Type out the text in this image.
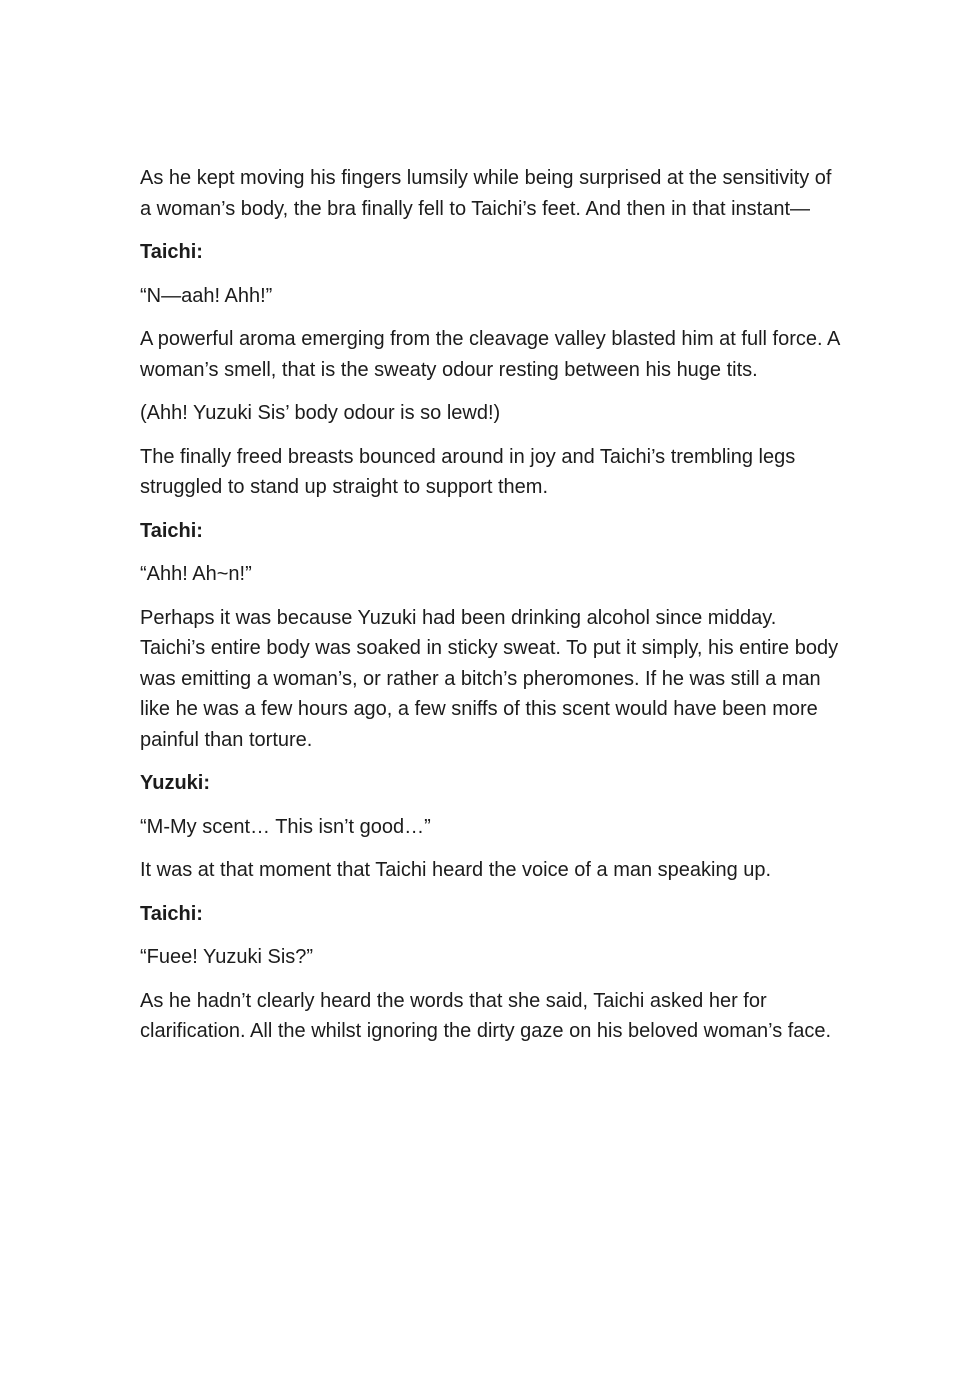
As he kept moving his fingers lumsily while being surprised at the sensitivity of a woman’s body, the bra finally fell to Taichi’s feet. And then in that instant—

Taichi:

“N—aah! Ahh!”

A powerful aroma emerging from the cleavage valley blasted him at full force. A woman’s smell, that is the sweaty odour resting between his huge tits.

(Ahh! Yuzuki Sis’ body odour is so lewd!)

The finally freed breasts bounced around in joy and Taichi’s trembling legs struggled to stand up straight to support them.

Taichi:

“Ahh! Ah~n!”

Perhaps it was because Yuzuki had been drinking alcohol since midday. Taichi’s entire body was soaked in sticky sweat. To put it simply, his entire body was emitting a woman’s, or rather a bitch’s pheromones. If he was still a man like he was a few hours ago, a few sniffs of this scent would have been more painful than torture.

Yuzuki:

“M-My scent… This isn’t good…”

It was at that moment that Taichi heard the voice of a man speaking up.

Taichi:

“Fuee! Yuzuki Sis?”

As he hadn’t clearly heard the words that she said, Taichi asked her for clarification. All the whilst ignoring the dirty gaze on his beloved woman’s face.
